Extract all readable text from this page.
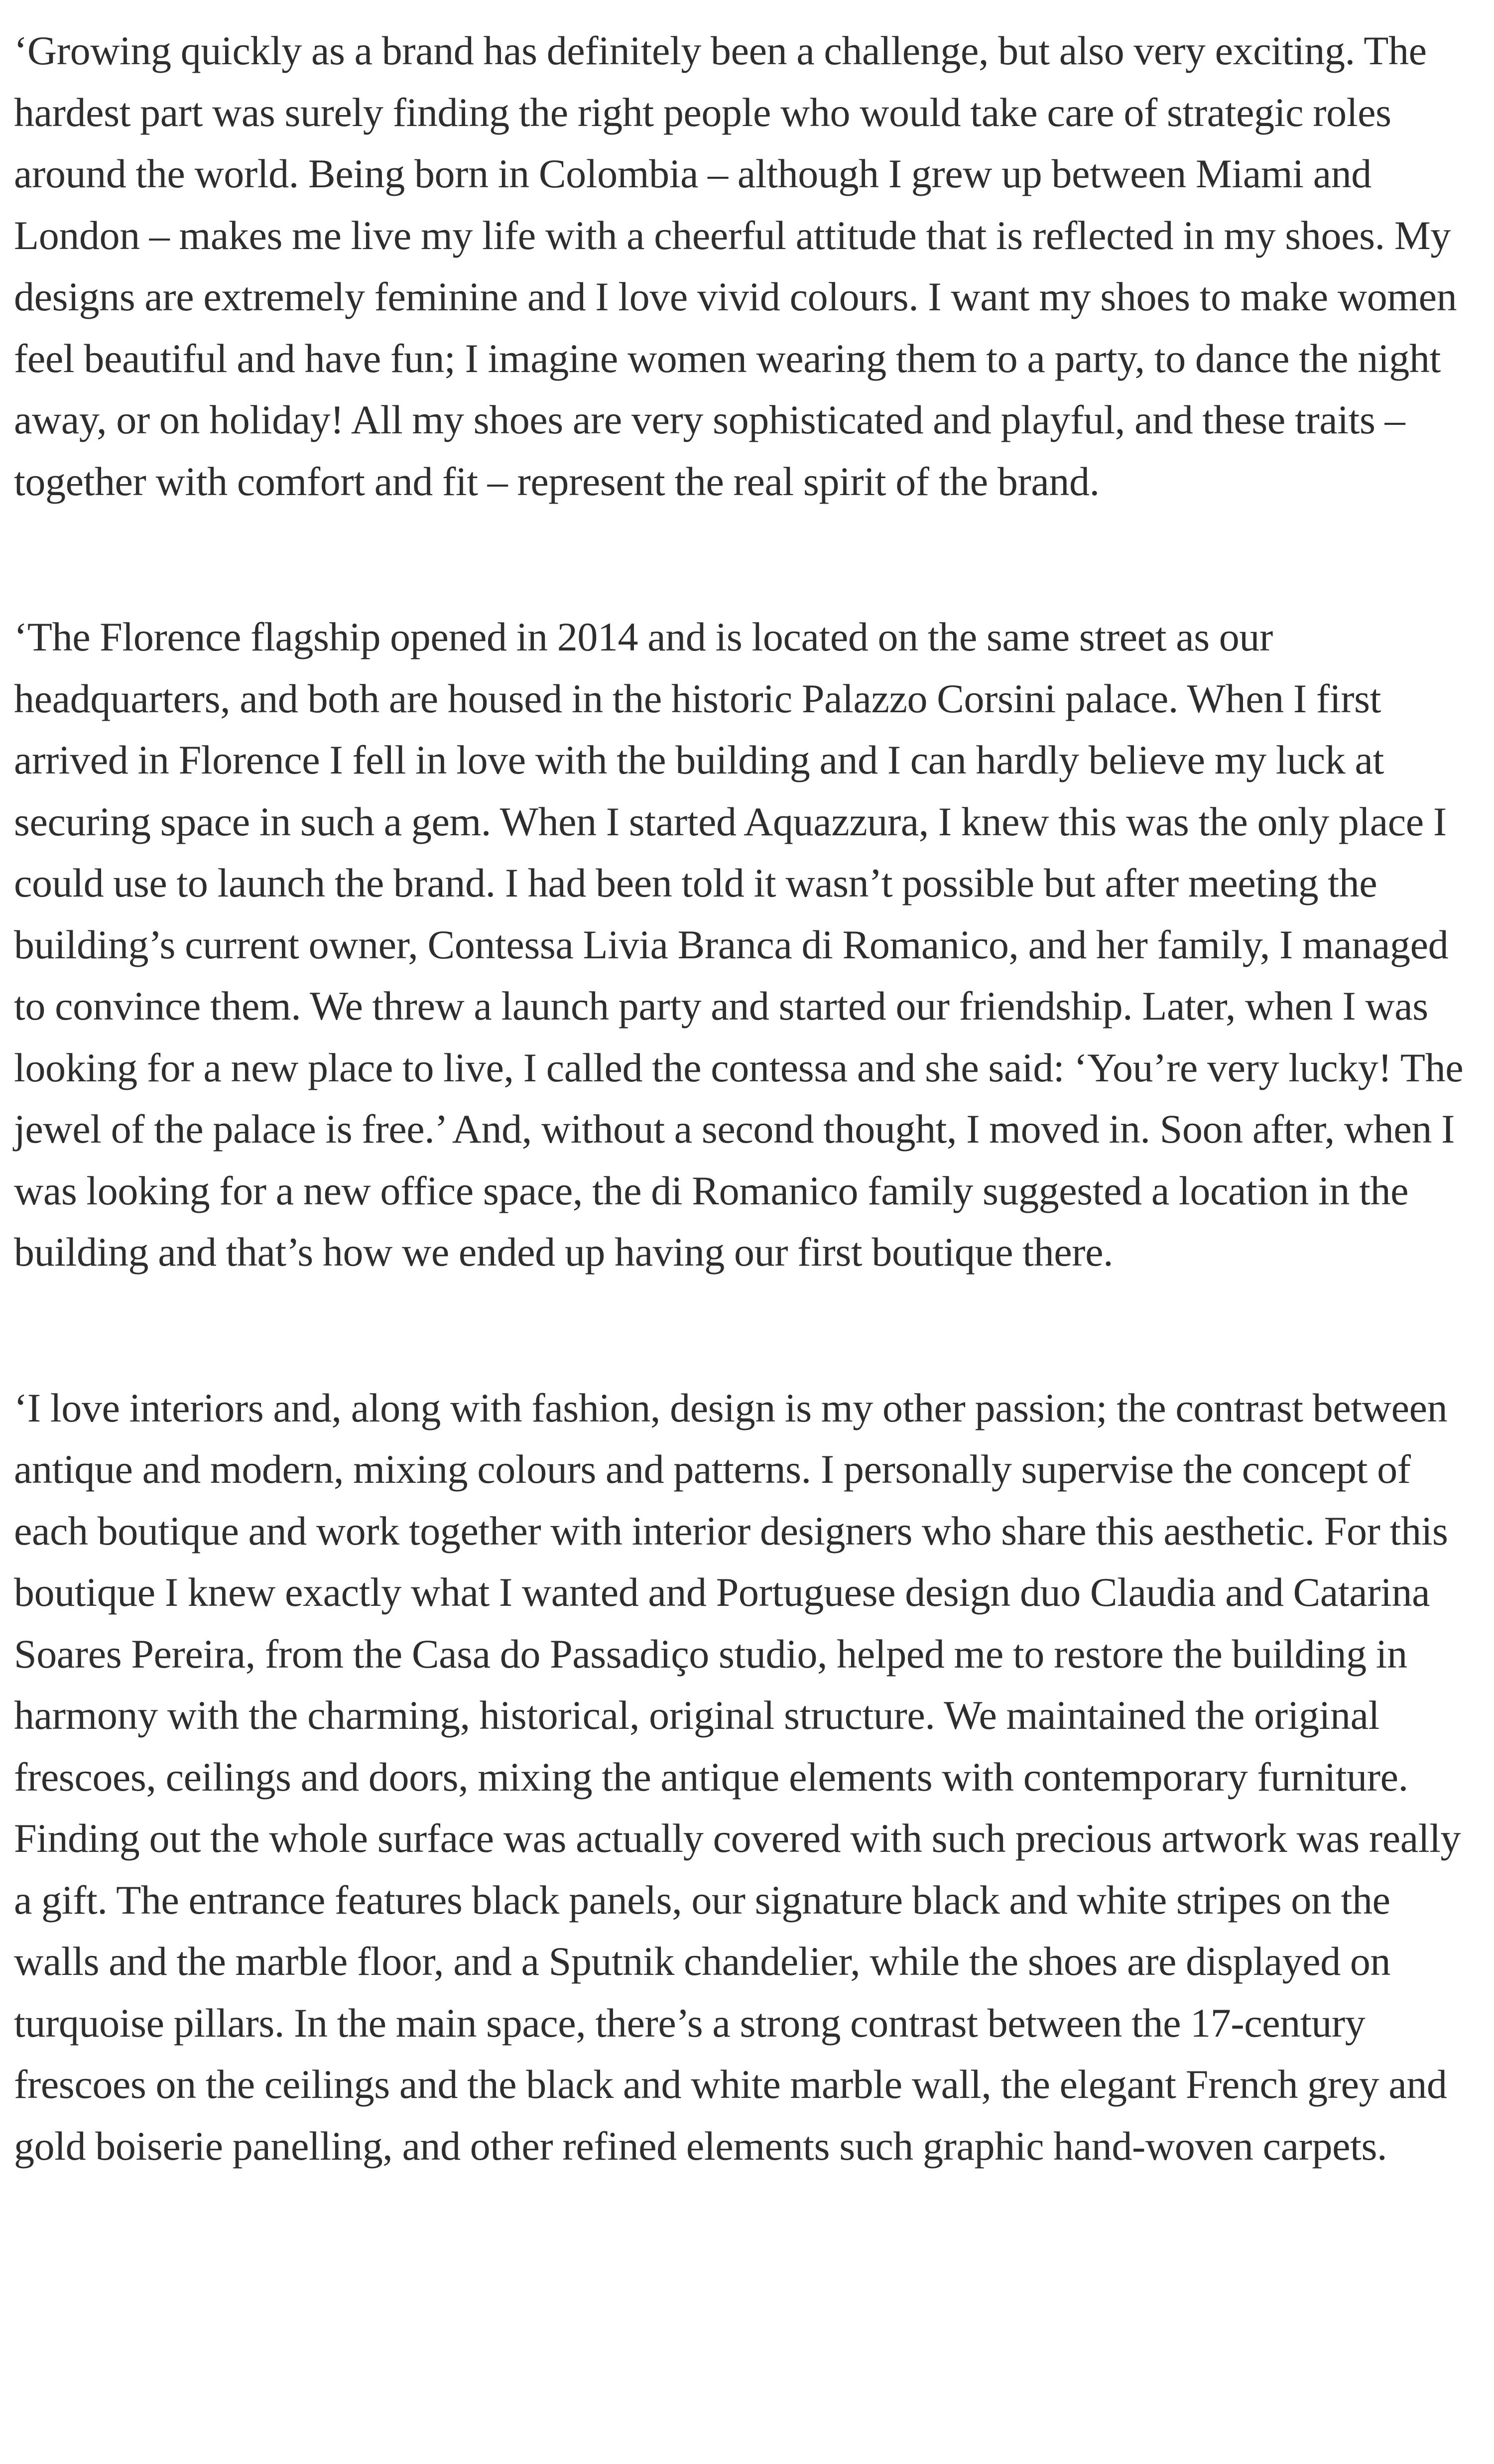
‘Growing quickly as a brand has definitely been a challenge, but also very exciting. The hardest part was surely finding the right people who would take care of strategic roles around the world. Being born in Colombia – although I grew up between Miami and London – makes me live my life with a cheerful attitude that is reflected in my shoes. My designs are extremely feminine and I love vivid colours. I want my shoes to make women feel beautiful and have fun; I imagine women wearing them to a party, to dance the night away, or on holiday! All my shoes are very sophisticated and playful, and these traits – together with comfort and fit – represent the real spirit of the brand.

‘The Florence flagship opened in 2014 and is located on the same street as our headquarters, and both are housed in the historic Palazzo Corsini palace. When I first arrived in Florence I fell in love with the building and I can hardly believe my luck at securing space in such a gem. When I started Aquazzura, I knew this was the only place I could use to launch the brand. I had been told it wasn’t possible but after meeting the building’s current owner, Contessa Livia Branca di Romanico, and her family, I managed to convince them. We threw a launch party and started our friendship. Later, when I was looking for a new place to live, I called the contessa and she said: ‘You’re very lucky! The jewel of the palace is free.’ And, without a second thought, I moved in. Soon after, when I was looking for a new office space, the di Romanico family suggested a location in the building and that’s how we ended up having our first boutique there.

‘I love interiors and, along with fashion, design is my other passion; the contrast between antique and modern, mixing colours and patterns. I personally supervise the concept of each boutique and work together with interior designers who share this aesthetic. For this boutique I knew exactly what I wanted and Portuguese design duo Claudia and Catarina Soares Pereira, from the Casa do Passadiço studio, helped me to restore the building in harmony with the charming, historical, original structure. We maintained the original frescoes, ceilings and doors, mixing the antique elements with contemporary furniture. Finding out the whole surface was actually covered with such precious artwork was really a gift. The entrance features black panels, our signature black and white stripes on the walls and the marble floor, and a Sputnik chandelier, while the shoes are displayed on turquoise pillars. In the main space, there’s a strong contrast between the 17-century frescoes on the ceilings and the black and white marble wall, the elegant French grey and gold boiserie panelling, and other refined elements such graphic hand-woven carpets.
